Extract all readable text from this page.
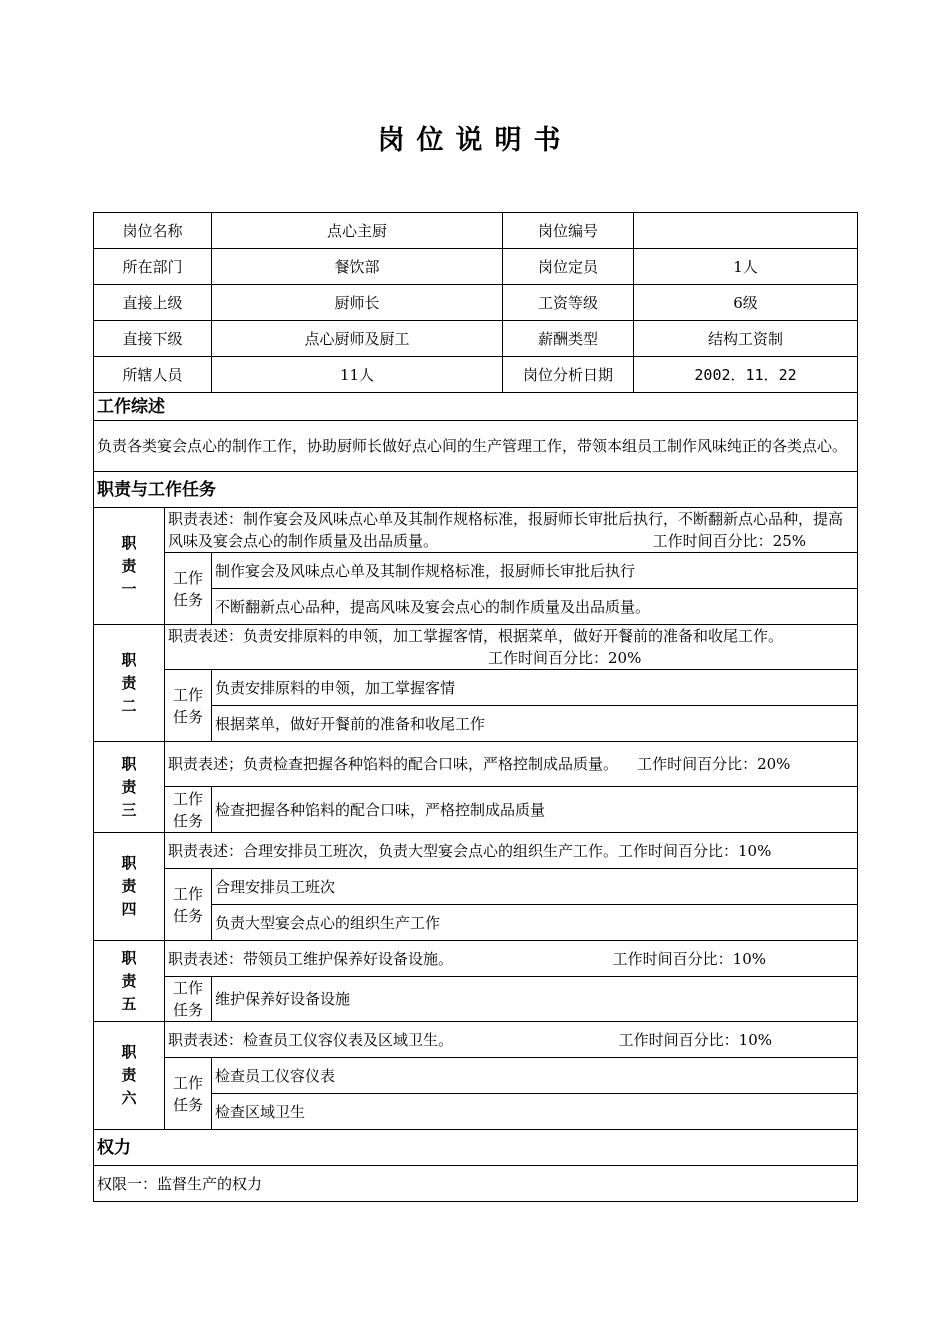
岗位说明书
岗位名称		点心主厨	岗位编号	
所在部门		餐饮部	岗位定员	1人
直接上级		厨师长	工资等级	6级
直接下级		点心厨师及厨工	薪酬类型	结构工资制
所辖人员		11人	岗位分析日期	2002．11．22
工作综述				
负责各类宴会点心的制作工作，协助厨师长做好点心间的生产管理工作，带领本组员工制作风味纯正的各类点心。				
职责与工作任务				
职责一	职责表述：制作宴会及风味点心单及其制作规格标准，报厨师长审批后执行，不断翻新点心品种，提高风味及宴会点心的制作质量及出品质量。 工作时间百分比：25%			

	工作任务	制作宴会及风味点心单及其制作规格标准，报厨师长审批后执行		
		不断翻新点心品种，提高风味及宴会点心的制作质量及出品质量。		
职责二	职责表述：负责安排原料的申领，加工掌握客情，根据菜单，做好开餐前的准备和收尾工作。
工作时间百分比：20%			
	工作任务	负责安排原料的申领，加工掌握客情		
		根据菜单，做好开餐前的准备和收尾工作		
职责三	职责表述；负责检查把握各种馅料的配合口味，严格控制成品质量。 工作时间百分比：20%			
	工作任务	检查把握各种馅料的配合口味，严格控制成品质量		
职责四	职责表述：合理安排员工班次，负责大型宴会点心的组织生产工作。工作时间百分比：10%			
	工作任务	合理安排员工班次		
		负责大型宴会点心的组织生产工作		
职责五	职责表述：带领员工维护保养好设备设施。 工作时间百分比：10%			

	工作任务	维护保养好设备设施		
职责六	职责表述：检查员工仪容仪表及区域卫生。 工作时间百分比：10%			

	工作任务	检查员工仪容仪表		
		检查区域卫生		
权力				
权限一：监督生产的权力				
